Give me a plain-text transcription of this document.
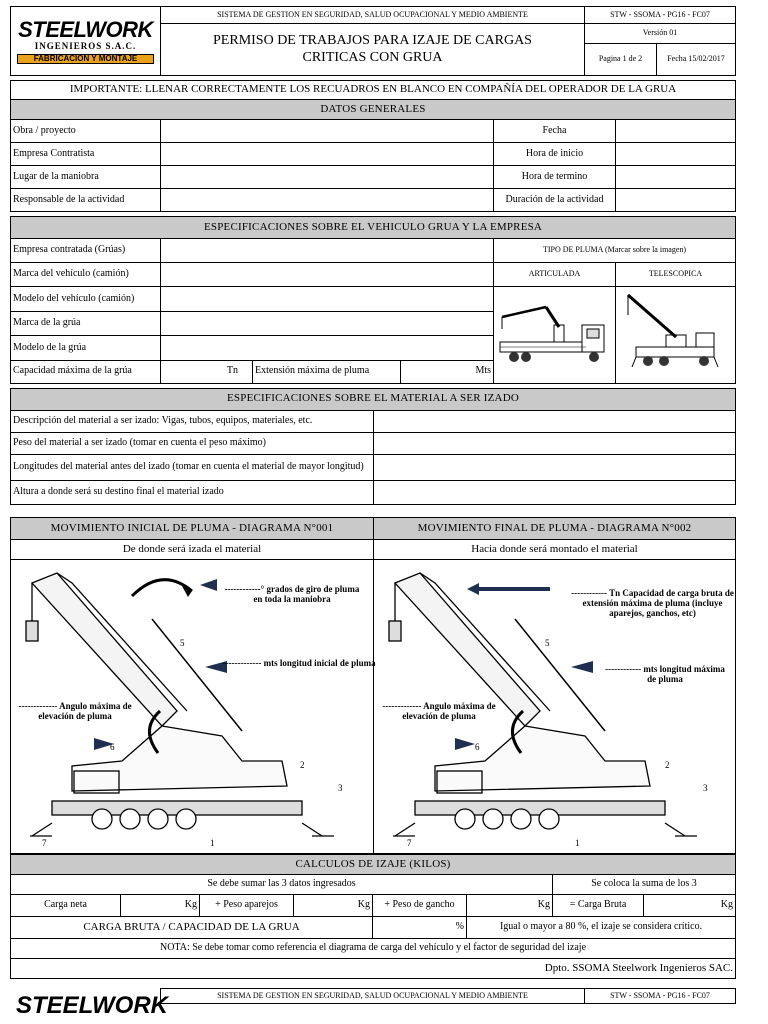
STEELWORK
INGENIEROS S.A.C.
FABRICACION Y MONTAJE	SISTEMA DE GESTION EN SEGURIDAD, SALUD OCUPACIONAL Y MEDIO AMBIENTE	STW - SSOMA - PG16 - FC07	

	PERMISO DE TRABAJOS PARA IZAJE DE CARGAS
CRITICAS CON GRUA	Versión 01	
		Pagina 1 de 2	Fecha 15/02/2017
IMPORTANTE: LLENAR CORRECTAMENTE LOS RECUADROS EN BLANCO EN COMPAÑÍA DEL OPERADOR DE LA GRUA			
DATOS GENERALES			
Obra / proyecto		Fecha	
Empresa Contratista		Hora de inicio	
Lugar de la maniobra		Hora de termino	
Responsable de la actividad		Duración de la actividad	
ESPECIFICACIONES SOBRE EL VEHICULO GRUA Y LA EMPRESA					
Empresa contratada (Grúas)				TIPO DE PLUMA (Marcar sobre la imagen)	
Marca del vehículo (camión)				ARTICULADA	TELESCOPICA
Modelo del vehículo (camión)			
Marca de la grúa					
Modelo de la grúa					
Capacidad máxima de la grúa	Tn	Extensión máxima de pluma	Mts		
ESPECIFICACIONES SOBRE EL MATERIAL A SER IZADO	
Descripción del material a ser izado: Vigas, tubos, equipos, materiales, etc.	
Peso del material a ser izado (tomar en cuenta el peso máximo)	
Longitudes del material antes del izado (tomar en cuenta el material de mayor longitud)	
Altura a donde será su destino final el material izado	
MOVIMIENTO INICIAL DE PLUMA - DIAGRAMA N°001	MOVIMIENTO FINAL DE PLUMA - DIAGRAMA N°002
De donde será izada el material	Hacia donde será montado el material

------------° grados de giro de pluma en toda la maniobra
------------- mts longitud inicial de pluma
------------- Angulo máxima de elevación de pluma
5
6
2
3
1
7
------------ Tn Capacidad de carga bruta de extensión máxima de pluma (incluye aparejos, ganchos, etc)
------------ mts longitud máxima de pluma
------------- Angulo máxima de elevación de pluma
5
6
2
3
1
7
CALCULOS DE IZAJE (KILOS)							
Se debe sumar las 3 datos ingresados						Se coloca la suma de los 3	
Carga neta	Kg	+ Peso aparejos	Kg	+ Peso de gancho	Kg	= Carga Bruta	Kg
CARGA BRUTA / CAPACIDAD DE LA GRUA				%	Igual o mayor a 80 %, el izaje se considera crítico.		
NOTA: Se debe tomar como referencia el diagrama de carga del vehículo y el factor de seguridad del izaje							
Dpto. SSOMA Steelwork Ingenieros SAC.							
STEELWORK	SISTEMA DE GESTION EN SEGURIDAD, SALUD OCUPACIONAL Y MEDIO AMBIENTE	STW - SSOMA - PG16 - FC07
